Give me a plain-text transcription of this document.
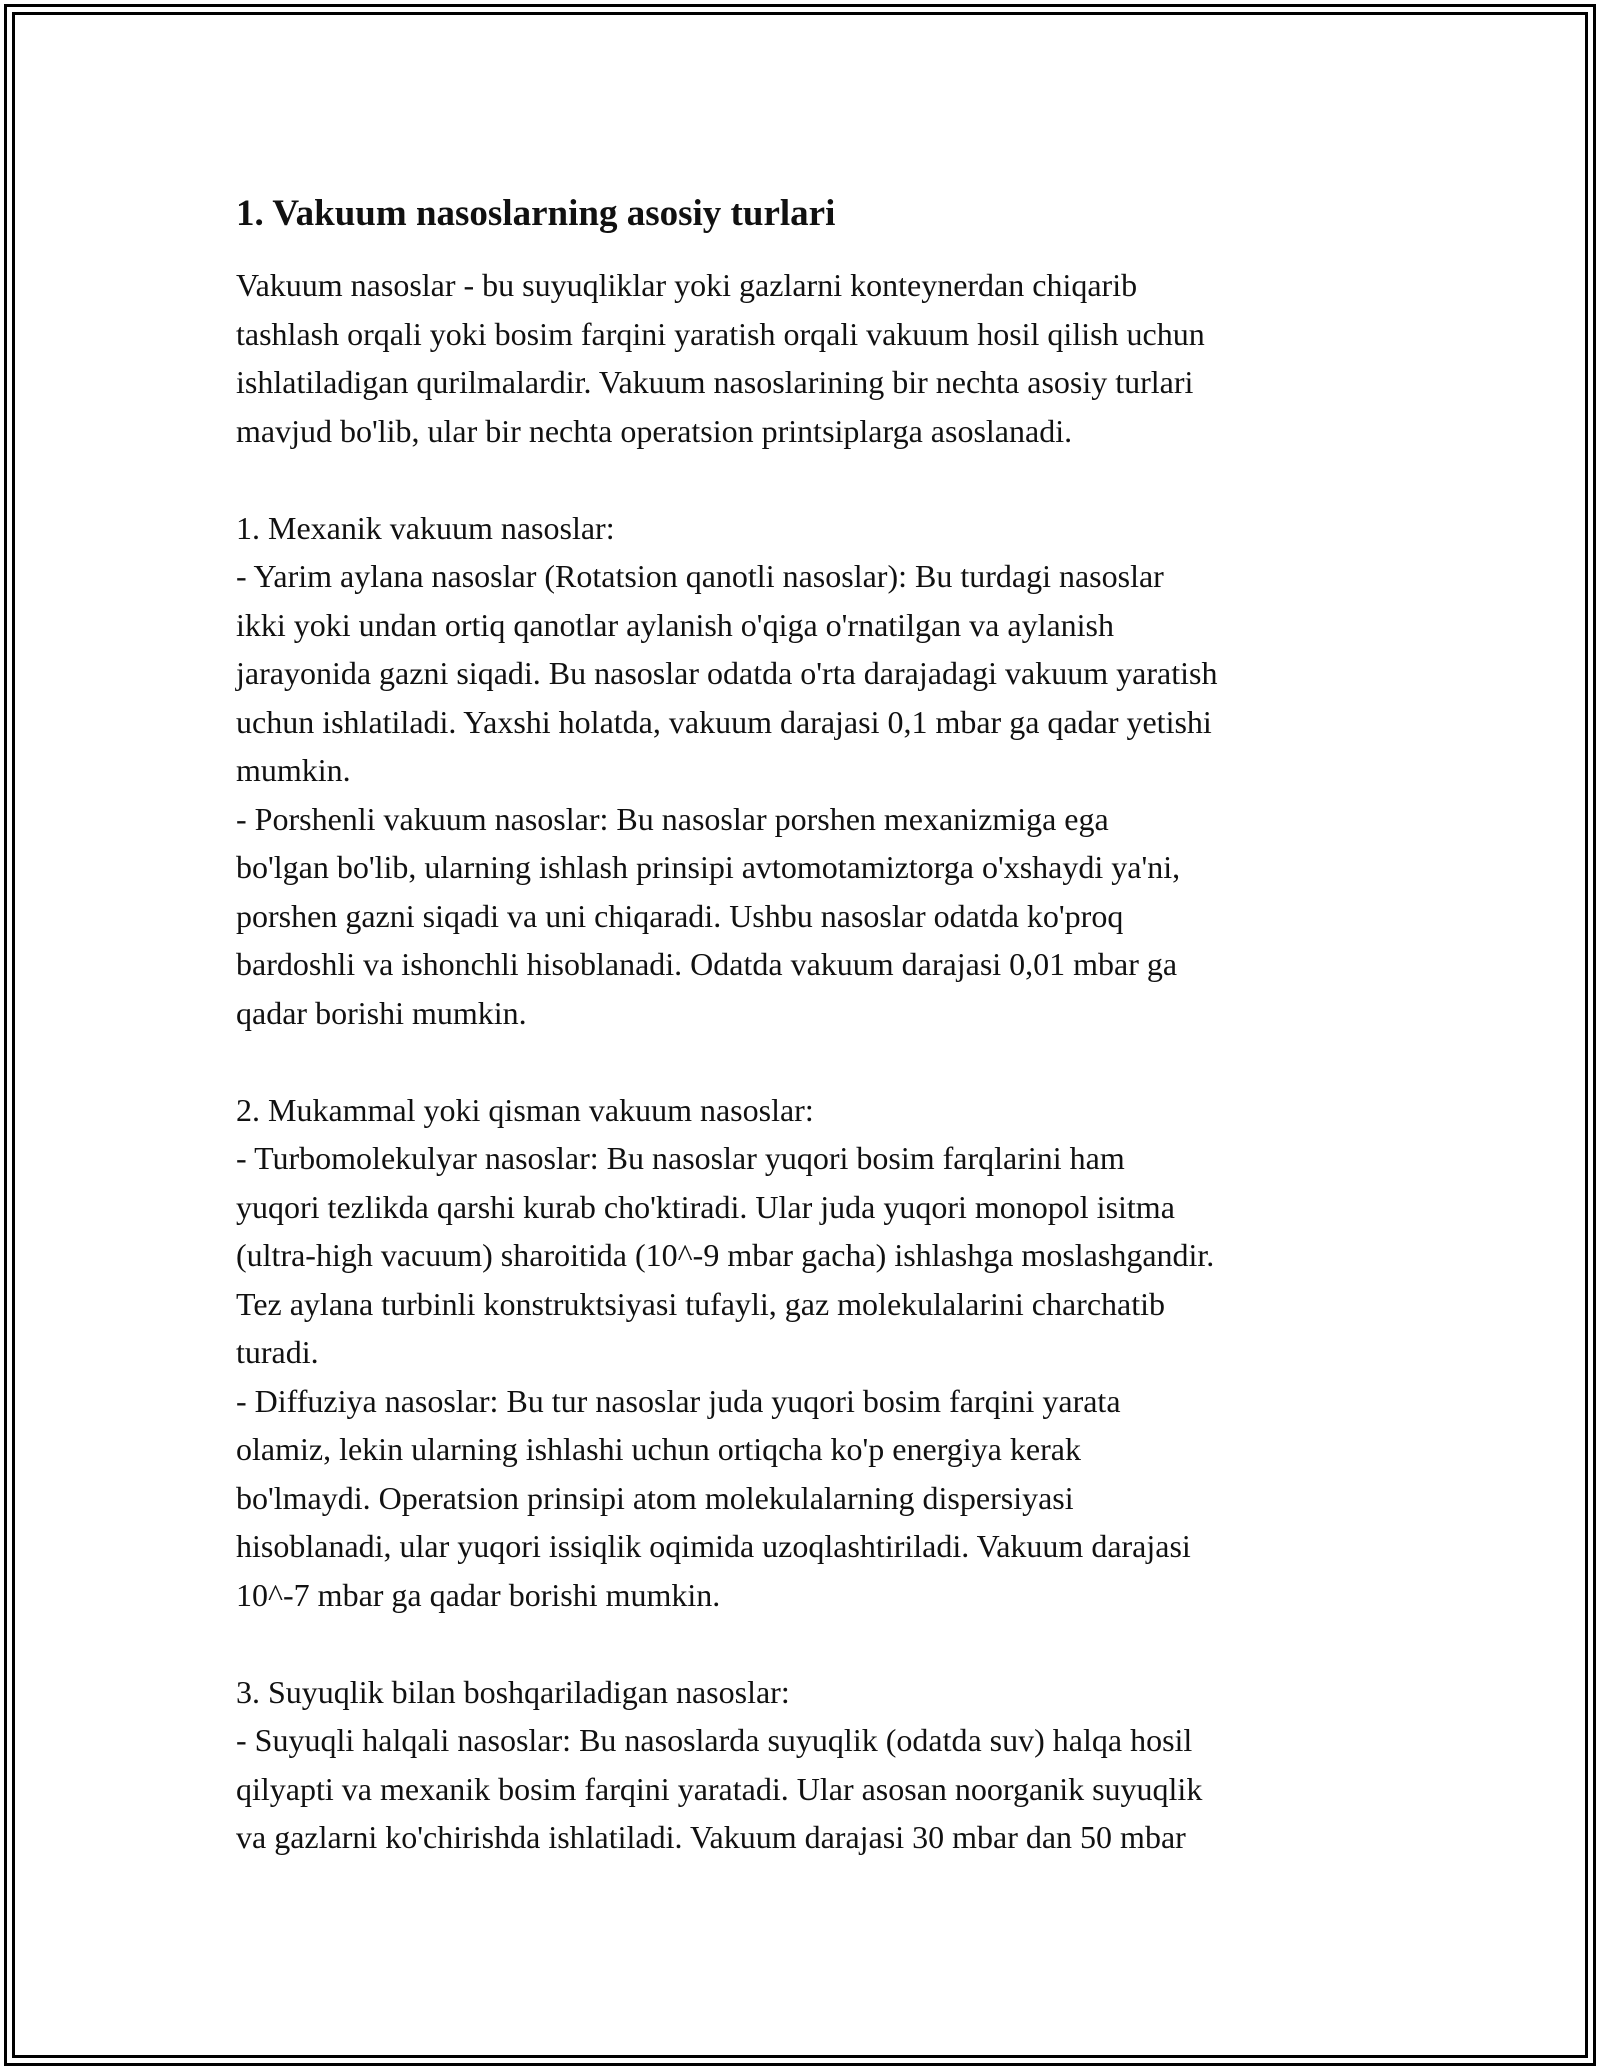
1. Vakuum nasoslarning asosiy turlari

Vakuum nasoslar - bu suyuqliklar yoki gazlarni konteynerdan chiqarib
tashlash orqali yoki bosim farqini yaratish orqali vakuum hosil qilish uchun
ishlatiladigan qurilmalardir. Vakuum nasoslarining bir nechta asosiy turlari
mavjud bo'lib, ular bir nechta operatsion printsiplarga asoslanadi.

1. Mexanik vakuum nasoslar:

- Yarim aylana nasoslar (Rotatsion qanotli nasoslar): Bu turdagi nasoslar
ikki yoki undan ortiq qanotlar aylanish o'qiga o'rnatilgan va aylanish
jarayonida gazni siqadi. Bu nasoslar odatda o'rta darajadagi vakuum yaratish
uchun ishlatiladi. Yaxshi holatda, vakuum darajasi 0,1 mbar ga qadar yetishi
mumkin.

- Porshenli vakuum nasoslar: Bu nasoslar porshen mexanizmiga ega
bo'lgan bo'lib, ularning ishlash prinsipi avtomotamiztorga o'xshaydi ya'ni,
porshen gazni siqadi va uni chiqaradi. Ushbu nasoslar odatda ko'proq
bardoshli va ishonchli hisoblanadi. Odatda vakuum darajasi 0,01 mbar ga
qadar borishi mumkin.

2. Mukammal yoki qisman vakuum nasoslar:

- Turbomolekulyar nasoslar: Bu nasoslar yuqori bosim farqlarini ham
yuqori tezlikda qarshi kurab cho'ktiradi. Ular juda yuqori monopol isitma
(ultra-high vacuum) sharoitida (10^-9 mbar gacha) ishlashga moslashgandir.
Tez aylana turbinli konstruktsiyasi tufayli, gaz molekulalarini charchatib
turadi.

- Diffuziya nasoslar: Bu tur nasoslar juda yuqori bosim farqini yarata
olamiz, lekin ularning ishlashi uchun ortiqcha ko'p energiya kerak
bo'lmaydi. Operatsion prinsipi atom molekulalarning dispersiyasi
hisoblanadi, ular yuqori issiqlik oqimida uzoqlashtiriladi. Vakuum darajasi
10^-7 mbar ga qadar borishi mumkin.

3. Suyuqlik bilan boshqariladigan nasoslar:

- Suyuqli halqali nasoslar: Bu nasoslarda suyuqlik (odatda suv) halqa hosil
qilyapti va mexanik bosim farqini yaratadi. Ular asosan noorganik suyuqlik
va gazlarni ko'chirishda ishlatiladi. Vakuum darajasi 30 mbar dan 50 mbar
